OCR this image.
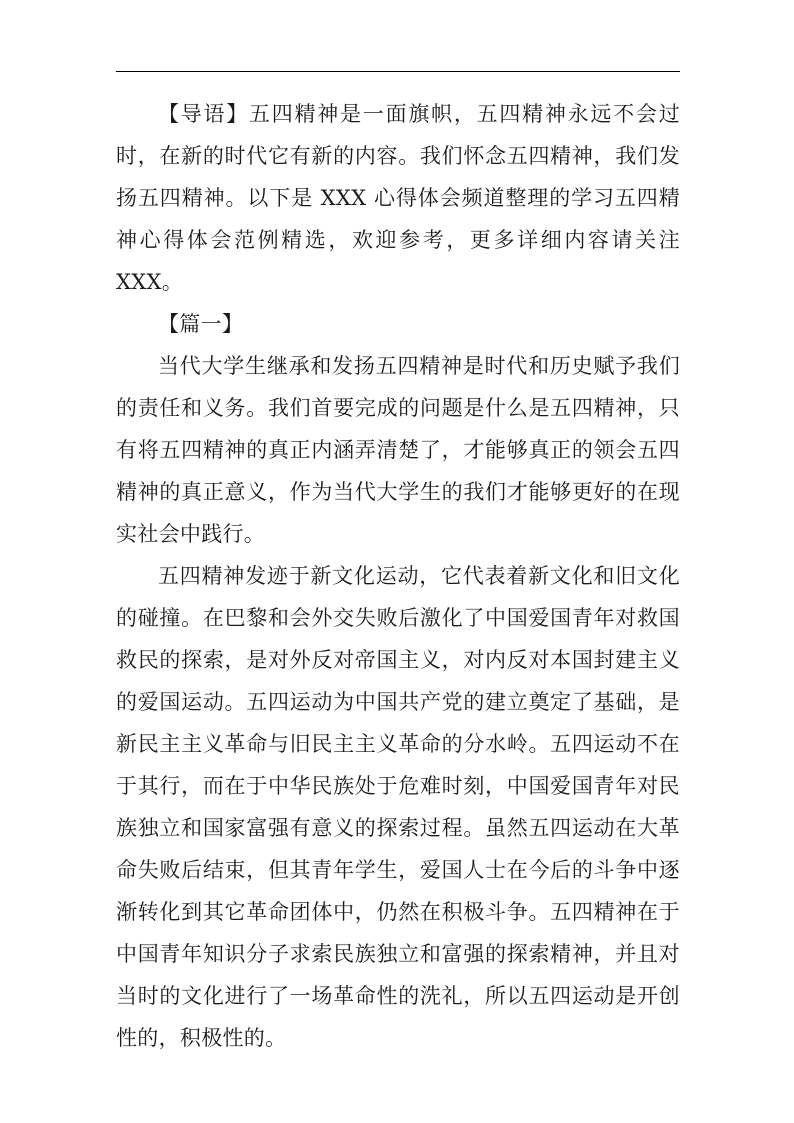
【导语】五四精神是一面旗帜，五四精神永远不会过时，在新的时代它有新的内容。我们怀念五四精神，我们发扬五四精神。以下是 XXX 心得体会频道整理的学习五四精神心得体会范例精选，欢迎参考，更多详细内容请关注 XXX。

【篇一】

当代大学生继承和发扬五四精神是时代和历史赋予我们的责任和义务。我们首要完成的问题是什么是五四精神，只有将五四精神的真正内涵弄清楚了，才能够真正的领会五四精神的真正意义，作为当代大学生的我们才能够更好的在现实社会中践行。

五四精神发迹于新文化运动，它代表着新文化和旧文化的碰撞。在巴黎和会外交失败后激化了中国爱国青年对救国救民的探索，是对外反对帝国主义，对内反对本国封建主义的爱国运动。五四运动为中国共产党的建立奠定了基础，是新民主主义革命与旧民主主义革命的分水岭。五四运动不在于其行，而在于中华民族处于危难时刻，中国爱国青年对民族独立和国家富强有意义的探索过程。虽然五四运动在大革命失败后结束，但其青年学生，爱国人士在今后的斗争中逐渐转化到其它革命团体中，仍然在积极斗争。五四精神在于中国青年知识分子求索民族独立和富强的探索精神，并且对当时的文化进行了一场革命性的洗礼，所以五四运动是开创性的，积极性的。
